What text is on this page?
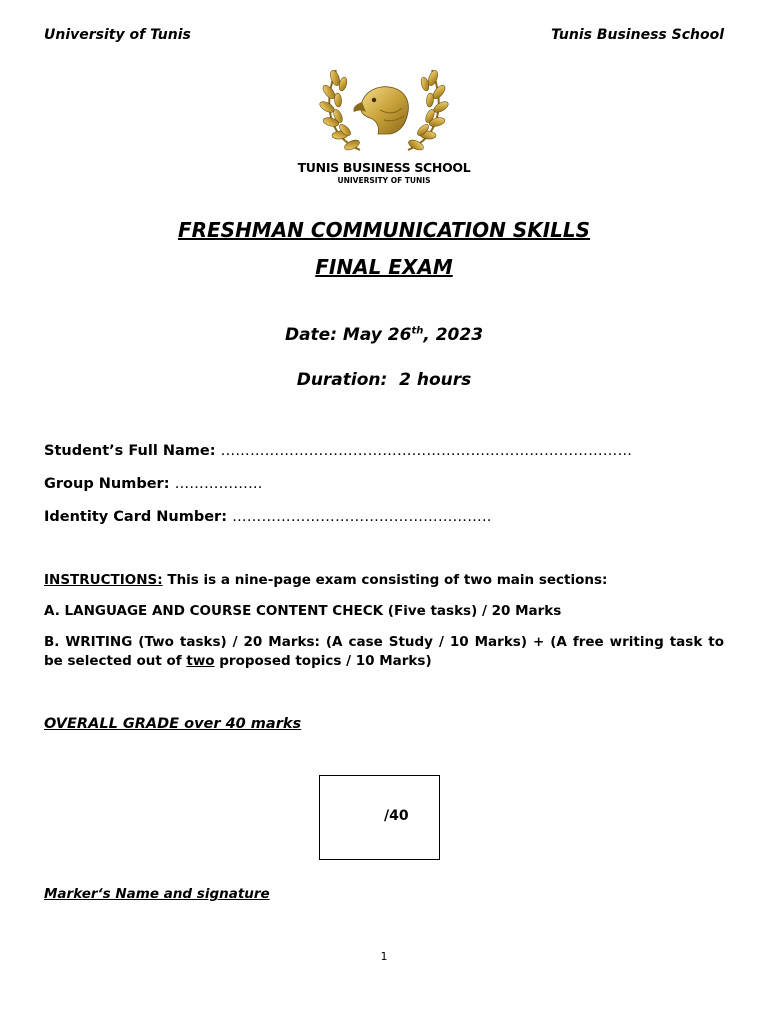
University of Tunis	Tunis Business School
TUNIS BUSINESS SCHOOL
UNIVERSITY OF TUNIS
FRESHMAN COMMUNICATION SKILLS
FINAL EXAM
Date: May 26th, 2023
Duration:  2 hours
Student’s Full Name: …………………………………………………………………………
Group Number: ………………
Identity Card Number: ……………………………………………..
INSTRUCTIONS: This is a nine-page exam consisting of two main sections:
A. LANGUAGE AND COURSE CONTENT CHECK (Five tasks) / 20 Marks
B. WRITING (Two tasks) / 20 Marks: (A case Study / 10 Marks) + (A free writing task to be selected out of two proposed topics / 10 Marks)
OVERALL GRADE over 40 marks
/40
Marker‘s Name and signature
1
